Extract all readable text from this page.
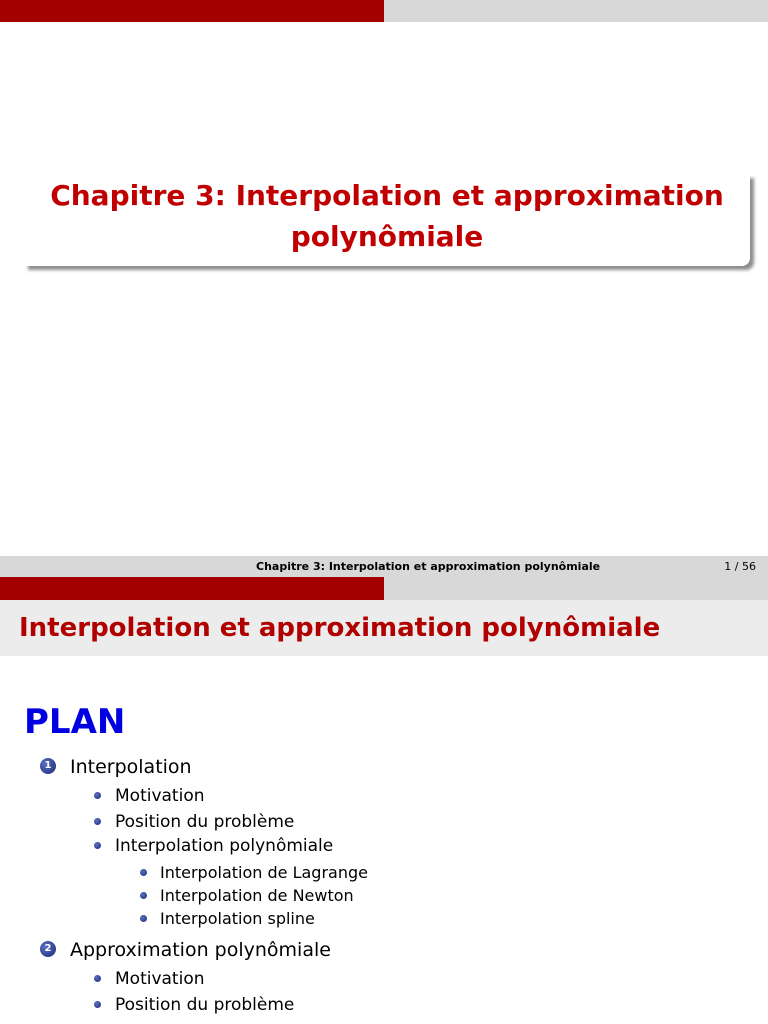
Chapitre 3: Interpolation et approximation
polynômiale
Chapitre 3: Interpolation et approximation polynômiale	1 / 56
Interpolation et approximation polynômiale
PLAN
1 Interpolation
Motivation
Position du problème
Interpolation polynômiale
Interpolation de Lagrange
Interpolation de Newton
Interpolation spline
2 Approximation polynômiale
Motivation
Position du problème
